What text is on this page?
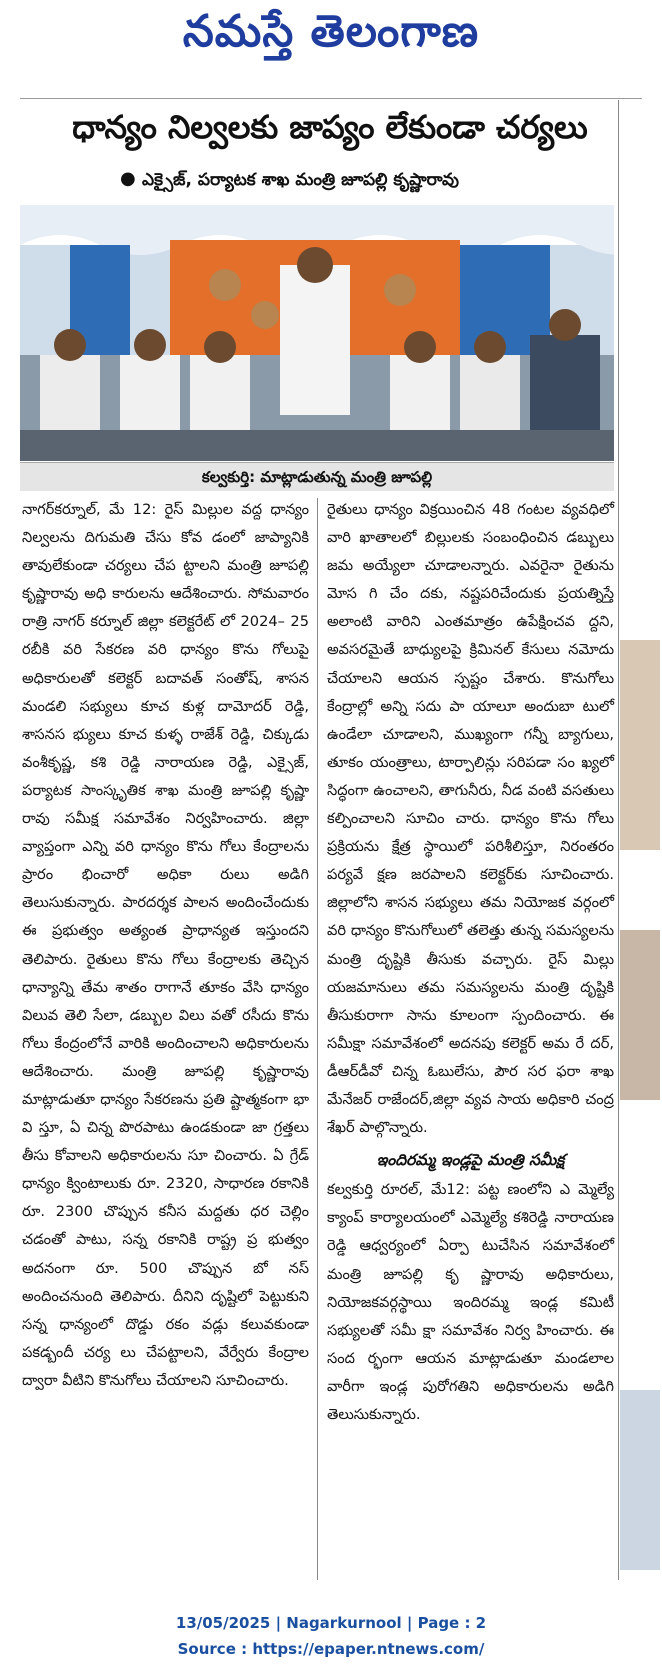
నమస్తే తెలంగాణ
ధాన్యం నిల్వలకు జాప్యం లేకుండా చర్యలు
● ఎక్సైజ్, పర్యాటక శాఖ మంత్రి జూపల్లి కృష్ణారావు
కల్వకుర్తి: మాట్లాడుతున్న మంత్రి జూపల్లి
నాగర్‌కర్నూల్, మే 12: రైస్ మిల్లుల వద్ద ధాన్యం నిల్వలను దిగుమతి చేసు కోవ డంలో జాప్యానికి తావులేకుండా చర్యలు చేప ట్టాలని మంత్రి జూపల్లి కృష్ణారావు అధి కారులను ఆదేశించారు. సోమవారం రాత్రి నాగర్ కర్నూల్ జిల్లా కలెక్టరేట్ లో 2024– 25 రబీకి వరి సేకరణ వరి ధాన్యం కొను గోలుపై అధికారులతో కలెక్టర్ బదావత్ సంతోష్, శాసన మండలి సభ్యులు కూచ కుళ్ల దామోదర్ రెడ్డి, శాసనస భ్యులు కూచ కుళ్ళ రాజేశ్ రెడ్డి, చిక్కుడు వంశీకృష్ణ, కశి రెడ్డి నారాయణ రెడ్డి, ఎక్సైజ్, పర్యాటక సాంస్కృతిక శాఖ మంత్రి జూపల్లి కృష్ణా రావు సమీక్ష సమావేశం నిర్వహించారు. జిల్లా వ్యాప్తంగా ఎన్ని వరి ధాన్యం కొను గోలు కేంద్రాలను ప్రారం భించారో అధికా రులు అడిగి తెలుసుకున్నారు. పారదర్శక పాలన అందించేందుకు ఈ ప్రభుత్వం అత్యంత ప్రాధాన్యత ఇస్తుందని తెలిపారు. రైతులు కొను గోలు కేంద్రాలకు తెచ్చిన ధాన్యాన్ని తేమ శాతం రాగానే తూకం వేసి ధాన్యం విలువ తెలి సేలా, డబ్బుల విలు వతో రసీదు కొను గోలు కేంద్రంలోనే వారికి అందించాలని అధికారులను ఆదేశించారు. మంత్రి జూపల్లి కృష్ణారావు మాట్లాడుతూ ధాన్యం సేకరణను ప్రతి ష్టాత్మకంగా భా వి స్తూ, ఏ చిన్న పొరపాటు ఉండకుండా జా గ్రత్తలు తీసు కోవాలని అధికారులను సూ చించారు. ఏ గ్రేడ్ ధాన్యం క్వింటాలుకు రూ. 2320, సాధారణ రకానికి రూ. 2300 చొప్పున కనీస మద్దతు ధర చెల్లిం చడంతో పాటు, సన్న రకానికి రాష్ట్ర ప్ర భుత్వం అదనంగా రూ. 500 చొప్పున బో నస్ అందించనుంది తెలిపారు. దీనిని దృష్టిలో పెట్టుకుని సన్న ధాన్యంలో దొడ్డు రకం వడ్లు కలువకుండా పకడ్బందీ చర్య లు చేపట్టాలని, వేర్వేరు కేంద్రాల ద్వారా వీటిని కొనుగోలు చేయాలని సూచించారు.
రైతులు ధాన్యం విక్రయించిన 48 గంటల వ్యవధిలో వారి ఖాతాలలో బిల్లులకు సంబంధించిన డబ్బులు జమ అయ్యేలా చూడాలన్నారు. ఎవరైనా రైతును మోస గి చేం దకు, నష్టపరిచేందుకు ప్రయత్నిస్తే అలాంటి వారిని ఎంతమాత్రం ఉపేక్షించవ ద్దని, అవసరమైతే బాధ్యులపై క్రిమినల్ కేసులు నమోదు చేయాలని ఆయన స్పష్టం చేశారు. కొనుగోలు కేంద్రాల్లో అన్ని సదు పా యాలూ అందుబా టులో ఉండేలా చూడాలని, ముఖ్యంగా గన్నీ బ్యాగులు, తూకం యంత్రాలు, టార్పాలిన్లు సరిపడా సం ఖ్యలో సిద్ధంగా ఉంచాలని, తాగునీరు, నీడ వంటి వసతులు కల్పించాలని సూచిం చారు. ధాన్యం కొను గోలు ప్రక్రియను క్షేత్ర స్థాయిలో పరిశీలిస్తూ, నిరంతరం పర్యవే క్షణ జరపాలని కలెక్టర్‌కు సూచించారు. జిల్లాలోని శాసన సభ్యులు తమ నియోజక వర్గంలో వరి ధాన్యం కొనుగోలులో తలెత్తు తున్న సమస్యలను మంత్రి దృష్టికి తీసుకు వచ్చారు. రైస్ మిల్లు యజమానులు తమ సమస్యలను మంత్రి దృష్టికి తీసుకురాగా సాను కూలంగా స్పందించారు. ఈ సమీక్షా సమావేశంలో అదనపు కలెక్టర్ అమ రే దర్, డీఆర్‌డీవో చిన్న ఓబులేసు, పౌర సర ఫరా శాఖ మేనేజర్ రాజేందర్,జిల్లా వ్యవ సాయ అధికారి చంద్ర శేఖర్ పాల్గొన్నారు.
ఇందిరమ్మ ఇండ్లపై మంత్రి సమీక్ష
కల్వకుర్తి రూరల్, మే12: పట్ట ణంలోని ఎ మ్మెల్యే క్యాంప్ కార్యాలయంలో ఎమ్మెల్యే కశిరెడ్డి నారాయణ రెడ్డి ఆధ్వర్యంలో ఏర్పా టుచేసిన సమావేశంలో మంత్రి జూపల్లి కృ ష్ణారావు అధికారులు, నియోజకవర్గస్థాయి ఇందిరమ్మ ఇండ్ల కమిటీ సభ్యులతో సమీ క్షా సమావేశం నిర్వ హించారు. ఈ సంద ర్భంగా ఆయన మాట్లాడుతూ మండలాల వారీగా ఇండ్ల పురోగతిని అధికారులను అడిగి తెలుసుకున్నారు.
13/05/2025 | Nagarkurnool | Page : 2
Source : https://epaper.ntnews.com/
